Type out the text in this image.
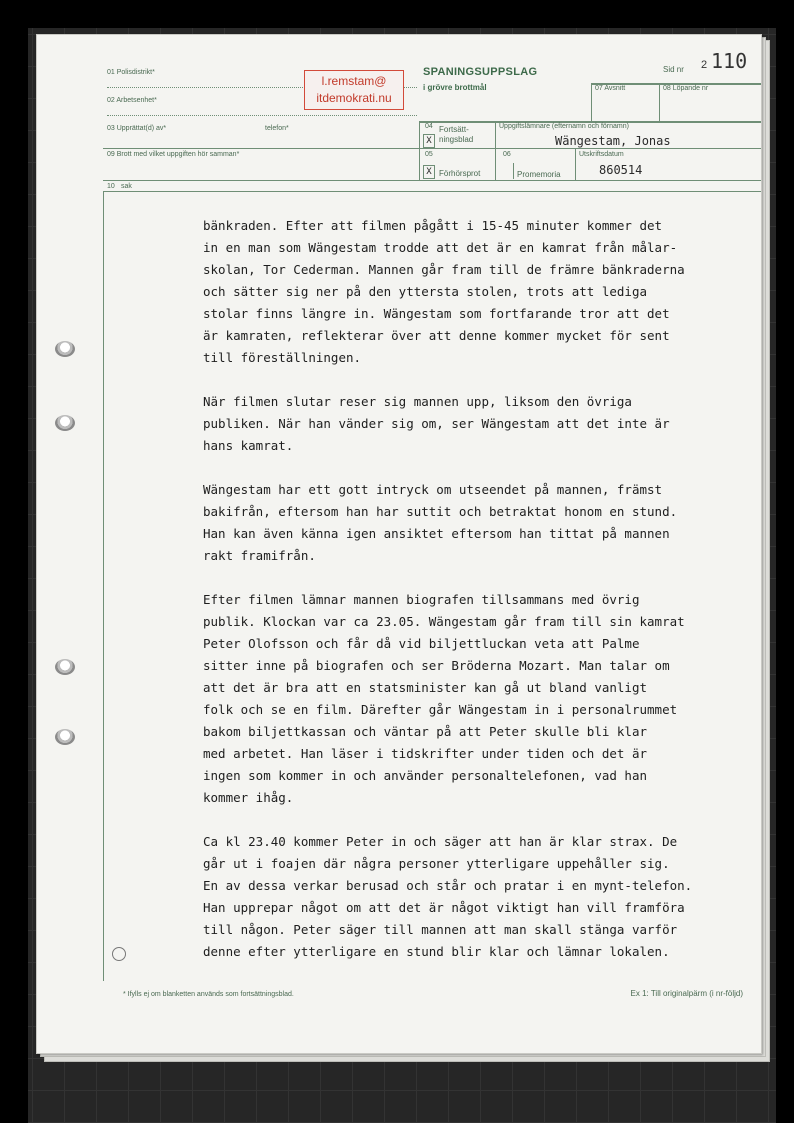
01 Polisdistrikt*
02 Arbetsenhet*
03 Upprättat(d) av*	telefon*
l.remstam@
itdemokrati.nu
SPANINGSUPPSLAG
i grövre brottmål
Sid nr 2 110
07 Avsnitt	08 Löpande nr
04
X
Fortsätt-
ningsblad
Uppgiftslämnare (efternamn och förnamn)
Wängestam, Jonas
05
X Förhörsprot
06
Promemoria
Utskriftsdatum
860514
09 Brott med vilket uppgiften hör samman*
10 sak

bänkraden. Efter att filmen pågått i 15-45 minuter kommer det
in en man som Wängestam trodde att det är en kamrat från målar-
skolan, Tor Cederman. Mannen går fram till de främre bänkraderna
och sätter sig ner på den yttersta stolen, trots att lediga
stolar finns längre in. Wängestam som fortfarande tror att det
är kamraten, reflekterar över att denne kommer mycket för sent
till föreställningen.

När filmen slutar reser sig mannen upp, liksom den övriga
publiken. När han vänder sig om, ser Wängestam att det inte är
hans kamrat.

Wängestam har ett gott intryck om utseendet på mannen, främst
bakifrån, eftersom han har suttit och betraktat honom en stund.
Han kan även känna igen ansiktet eftersom han tittat på mannen
rakt framifrån.

Efter filmen lämnar mannen biografen tillsammans med övrig
publik. Klockan var ca 23.05. Wängestam går fram till sin kamrat
Peter Olofsson och får då vid biljettluckan veta att Palme
sitter inne på biografen och ser Bröderna Mozart. Man talar om
att det är bra att en statsminister kan gå ut bland vanligt
folk och se en film. Därefter går Wängestam in i personalrummet
bakom biljettkassan och väntar på att Peter skulle bli klar
med arbetet. Han läser i tidskrifter under tiden och det är
ingen som kommer in och använder personaltelefonen, vad han
kommer ihåg.

Ca kl 23.40 kommer Peter in och säger att han är klar strax. De
går ut i foajen där några personer ytterligare uppehåller sig.
En av dessa verkar berusad och står och pratar i en mynt-telefon.
Han upprepar något om att det är något viktigt han vill framföra
till någon. Peter säger till mannen att man skall stänga varför
denne efter ytterligare en stund blir klar och lämnar lokalen.

* Ifylls ej om blanketten används som fortsättningsblad.	Ex 1: Till originalpärm (i nr-följd)
